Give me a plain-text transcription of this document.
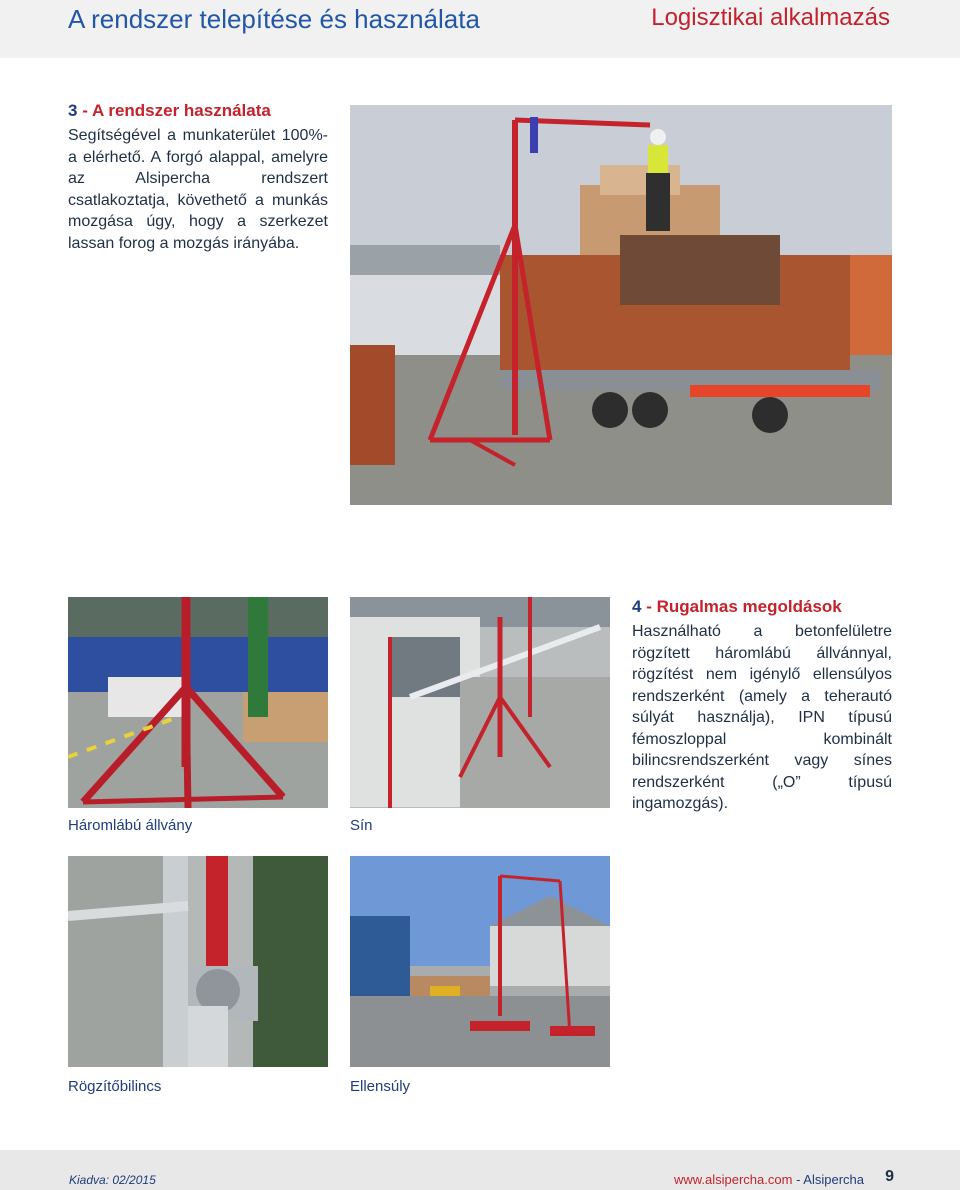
A rendszer telepítése és használata	Logisztikai alkalmazás
3 - A rendszer használata
Segítségével a munkaterület 100%-a elérhető. A forgó alappal, amelyre az Alsipercha rendszert csatlakoztatja, követhető a munkás mozgása úgy, hogy a szerkezet lassan forog a mozgás irányába.
4 - Rugalmas megoldások
Használható a betonfelületre rögzített háromlábú állvánnyal, rögzítést nem igénylő ellensúlyos rendszerként (amely a teherautó súlyát használja), IPN típusú fémoszloppal kombinált bilincsrendszerként vagy sínes rendszerként („O” típusú ingamozgás).
Háromlábú állvány	Sín
Rögzítőbilincs	Ellensúly
Kiadva: 02/2015	www.alsipercha.com - Alsipercha 9
